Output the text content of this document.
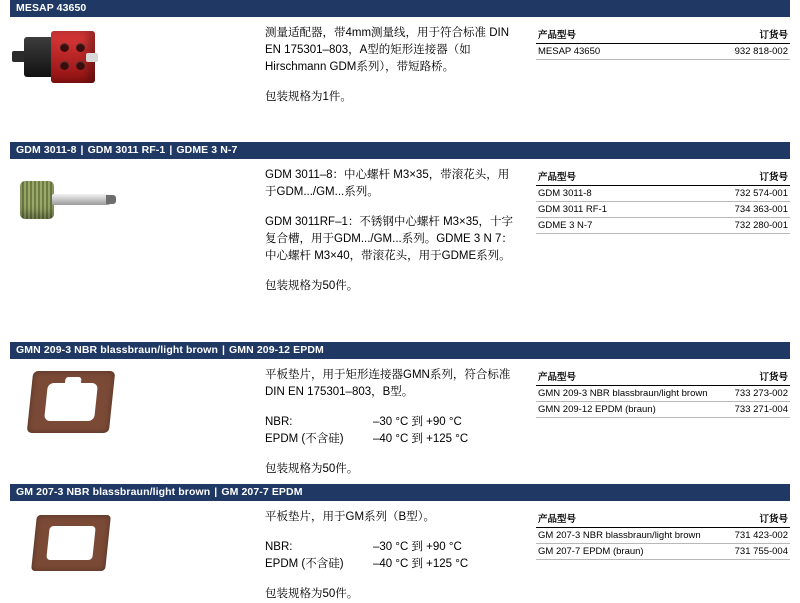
MESAP 43650

测量适配器，带4mm测量线，用于符合标准 DIN EN 175301–803，A型的矩形连接器（如Hirschmann GDM系列），带短路桥。

包装规格为1件。

产品型号	订货号
MESAP 43650	932 818-002
GDM 3011-8 | GDM 3011 RF-1 | GDME 3 N-7

GDM 3011–8：中心螺杆 M3×35，带滚花头，用于GDM.../GM...系列。

GDM 3011RF–1：不锈钢中心螺杆 M3×35，十字复合槽，用于GDM.../GM...系列。GDME 3 N 7：中心螺杆 M3×40，带滚花头，用于GDME系列。

包装规格为50件。

产品型号	订货号
GDM 3011-8	732 574-001
GDM 3011 RF-1	734 363-001
GDME 3 N-7	732 280-001
GMN 209-3 NBR blassbraun/light brown | GMN 209-12 EPDM

平板垫片，用于矩形连接器GMN系列，符合标准 DIN EN 175301–803，B型。

NBR:	–30 °C 到 +90 °C
EPDM (不含硅)	–40 °C 到 +125 °C

包装规格为50件。

产品型号	订货号
GMN 209-3 NBR blassbraun/light brown	733 273-002
GMN 209-12 EPDM (braun)	733 271-004
GM 207-3 NBR blassbraun/light brown | GM 207-7 EPDM

平板垫片，用于GM系列（B型）。

NBR:	–30 °C 到 +90 °C
EPDM (不含硅)	–40 °C 到 +125 °C

包装规格为50件。

产品型号	订货号
GM 207-3 NBR blassbraun/light brown	731 423-002
GM 207-7 EPDM (braun)	731 755-004
